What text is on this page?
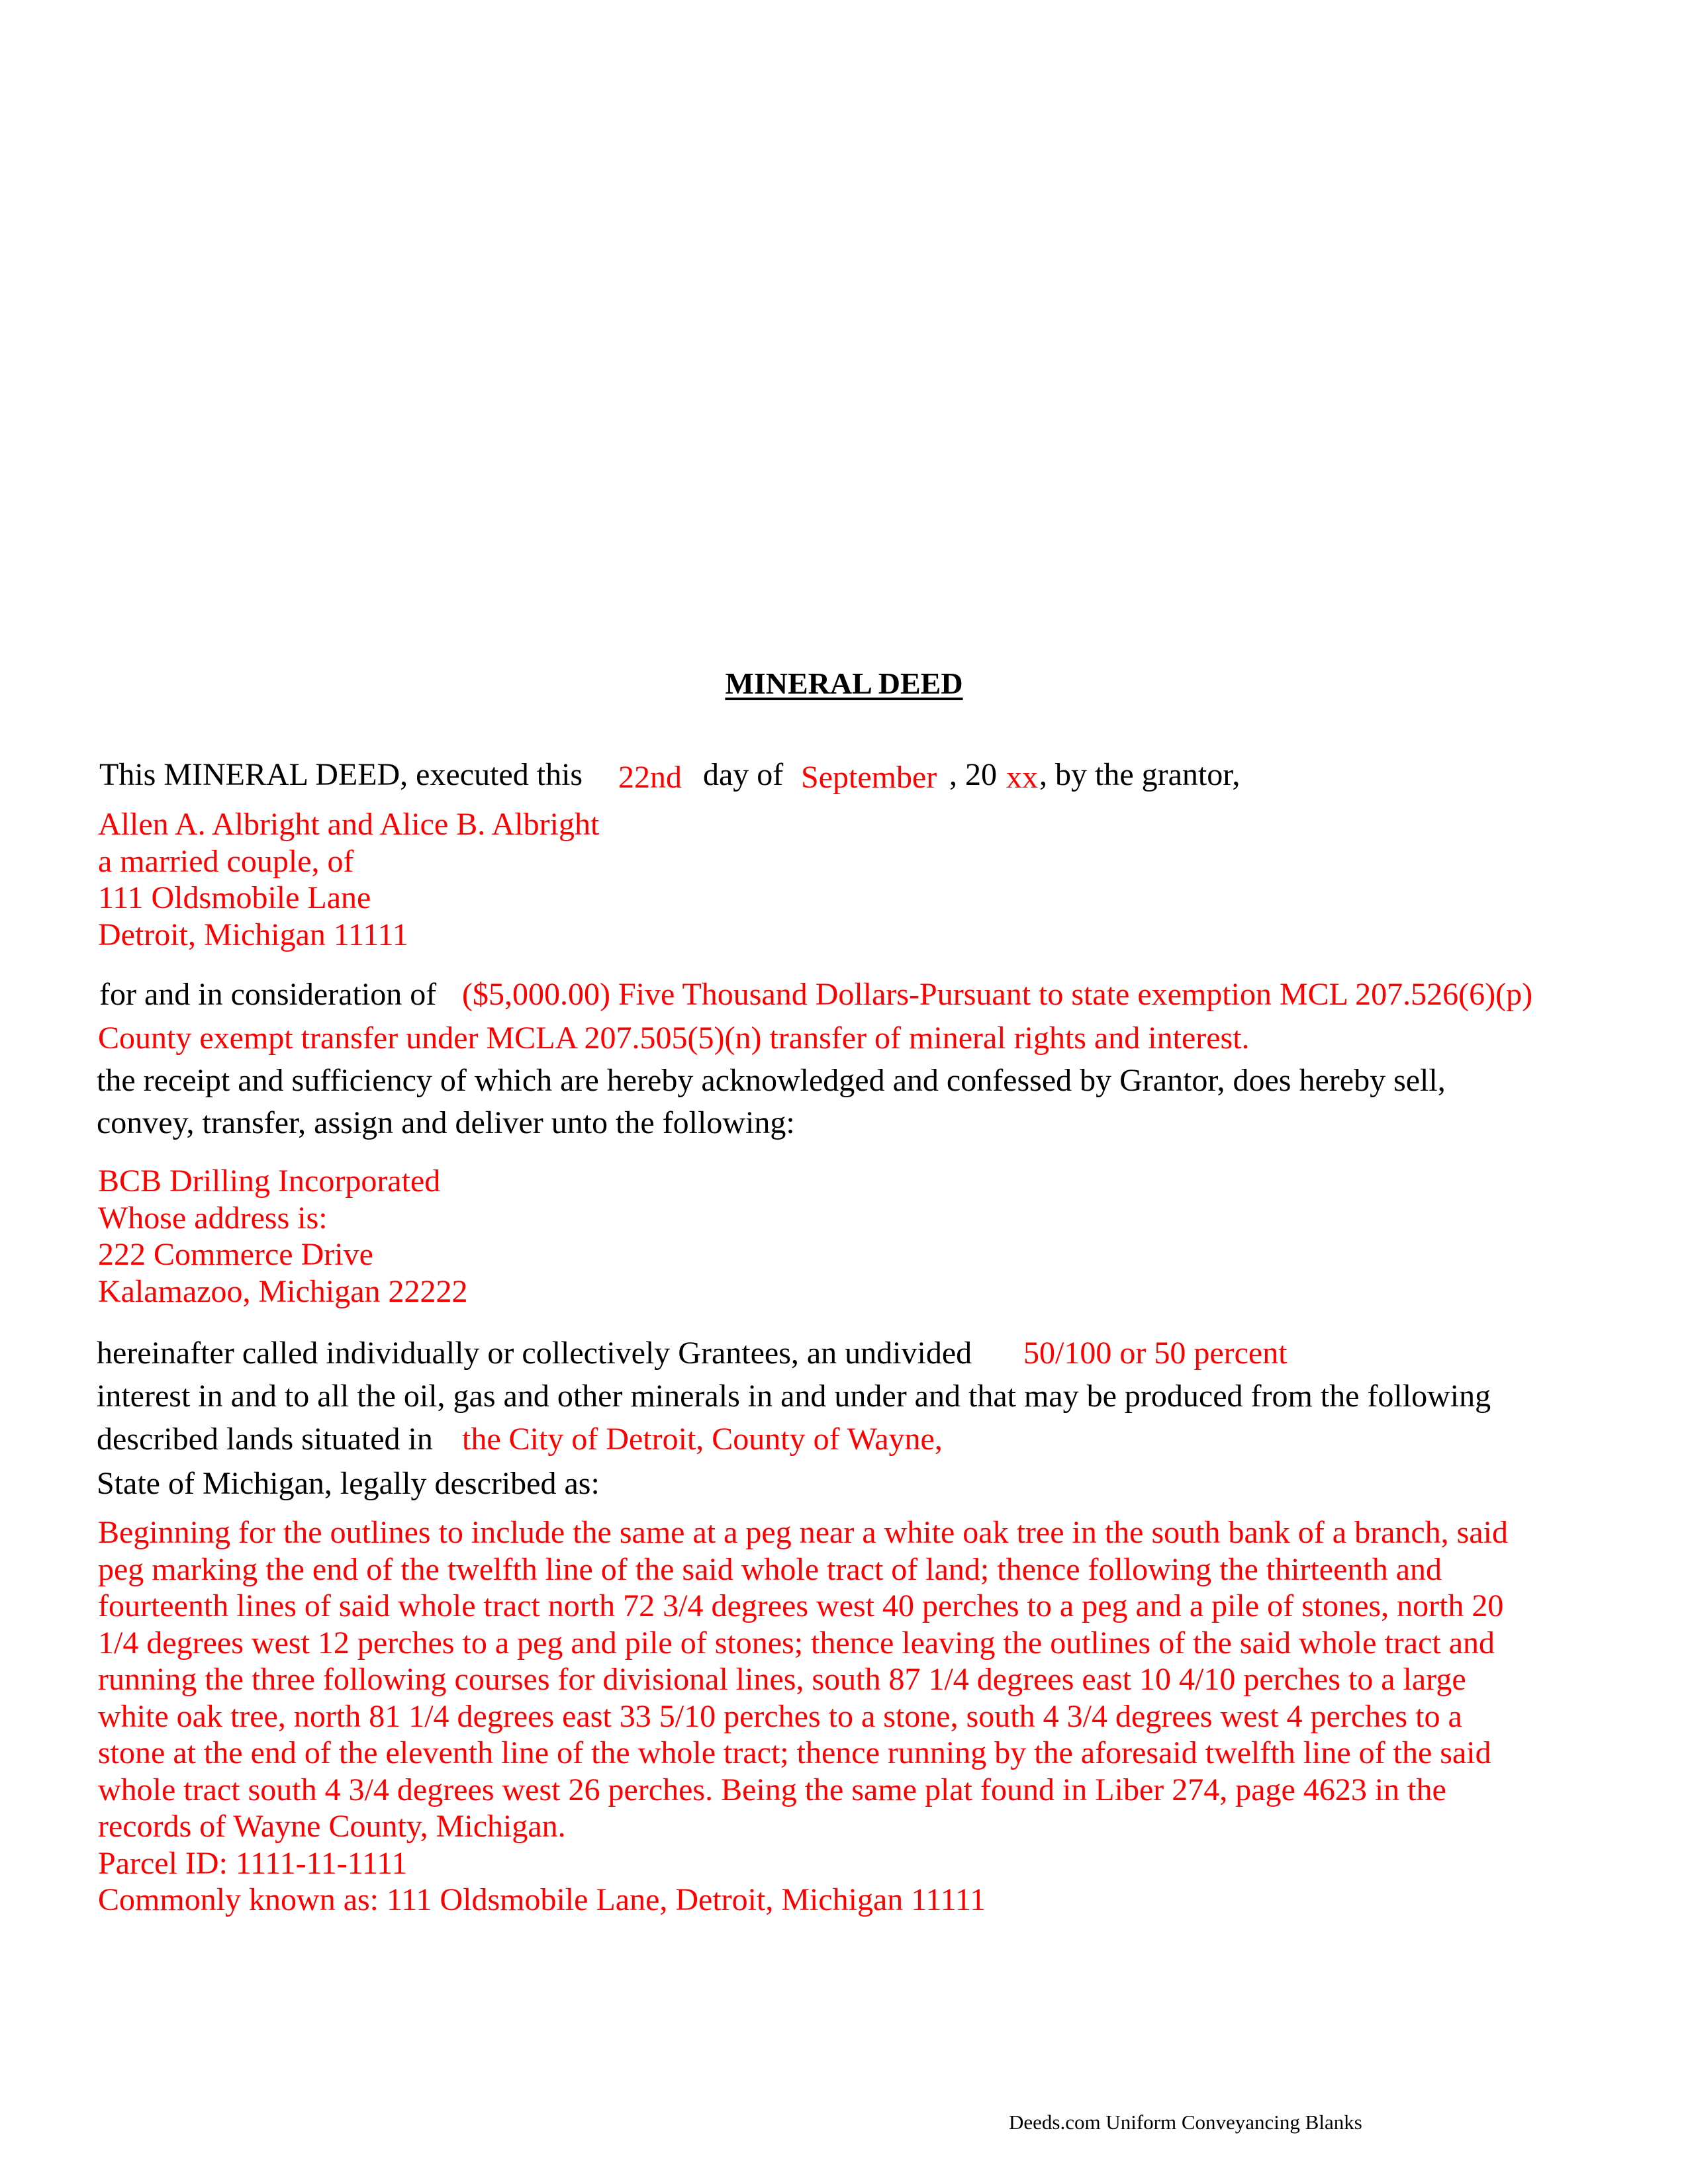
MINERAL DEED
This MINERAL DEED, executed this 22nd day of September , 20 xx , by the grantor,
Allen A. Albright and Alice B. Albright
a married couple, of
111 Oldsmobile Lane
Detroit, Michigan 11111
for and in consideration of ($5,000.00) Five Thousand Dollars-Pursuant to state exemption MCL 207.526(6)(p)
County exempt transfer under MCLA 207.505(5)(n) transfer of mineral rights and interest.
the receipt and sufficiency of which are hereby acknowledged and confessed by Grantor, does hereby sell,
convey, transfer, assign and deliver unto the following:
BCB Drilling Incorporated
Whose address is:
222 Commerce Drive
Kalamazoo, Michigan 22222
hereinafter called individually or collectively Grantees, an undivided 50/100 or 50 percent
interest in and to all the oil, gas and other minerals in and under and that may be produced from the following
described lands situated in the City of Detroit, County of Wayne,
State of Michigan, legally described as:
Beginning for the outlines to include the same at a peg near a white oak tree in the south bank of a branch, said
peg marking the end of the twelfth line of the said whole tract of land; thence following the thirteenth and
fourteenth lines of said whole tract north 72 3/4 degrees west 40 perches to a peg and a pile of stones, north 20
1/4 degrees west 12 perches to a peg and pile of stones; thence leaving the outlines of the said whole tract and
running the three following courses for divisional lines, south 87 1/4 degrees east 10 4/10 perches to a large
white oak tree, north 81 1/4 degrees east 33 5/10 perches to a stone, south 4 3/4 degrees west 4 perches to a
stone at the end of the eleventh line of the whole tract; thence running by the aforesaid twelfth line of the said
whole tract south 4 3/4 degrees west 26 perches. Being the same plat found in Liber 274, page 4623 in the
records of Wayne County, Michigan.
Parcel ID: 1111-11-1111
Commonly known as: 111 Oldsmobile Lane, Detroit, Michigan 11111
Deeds.com Uniform Conveyancing Blanks
